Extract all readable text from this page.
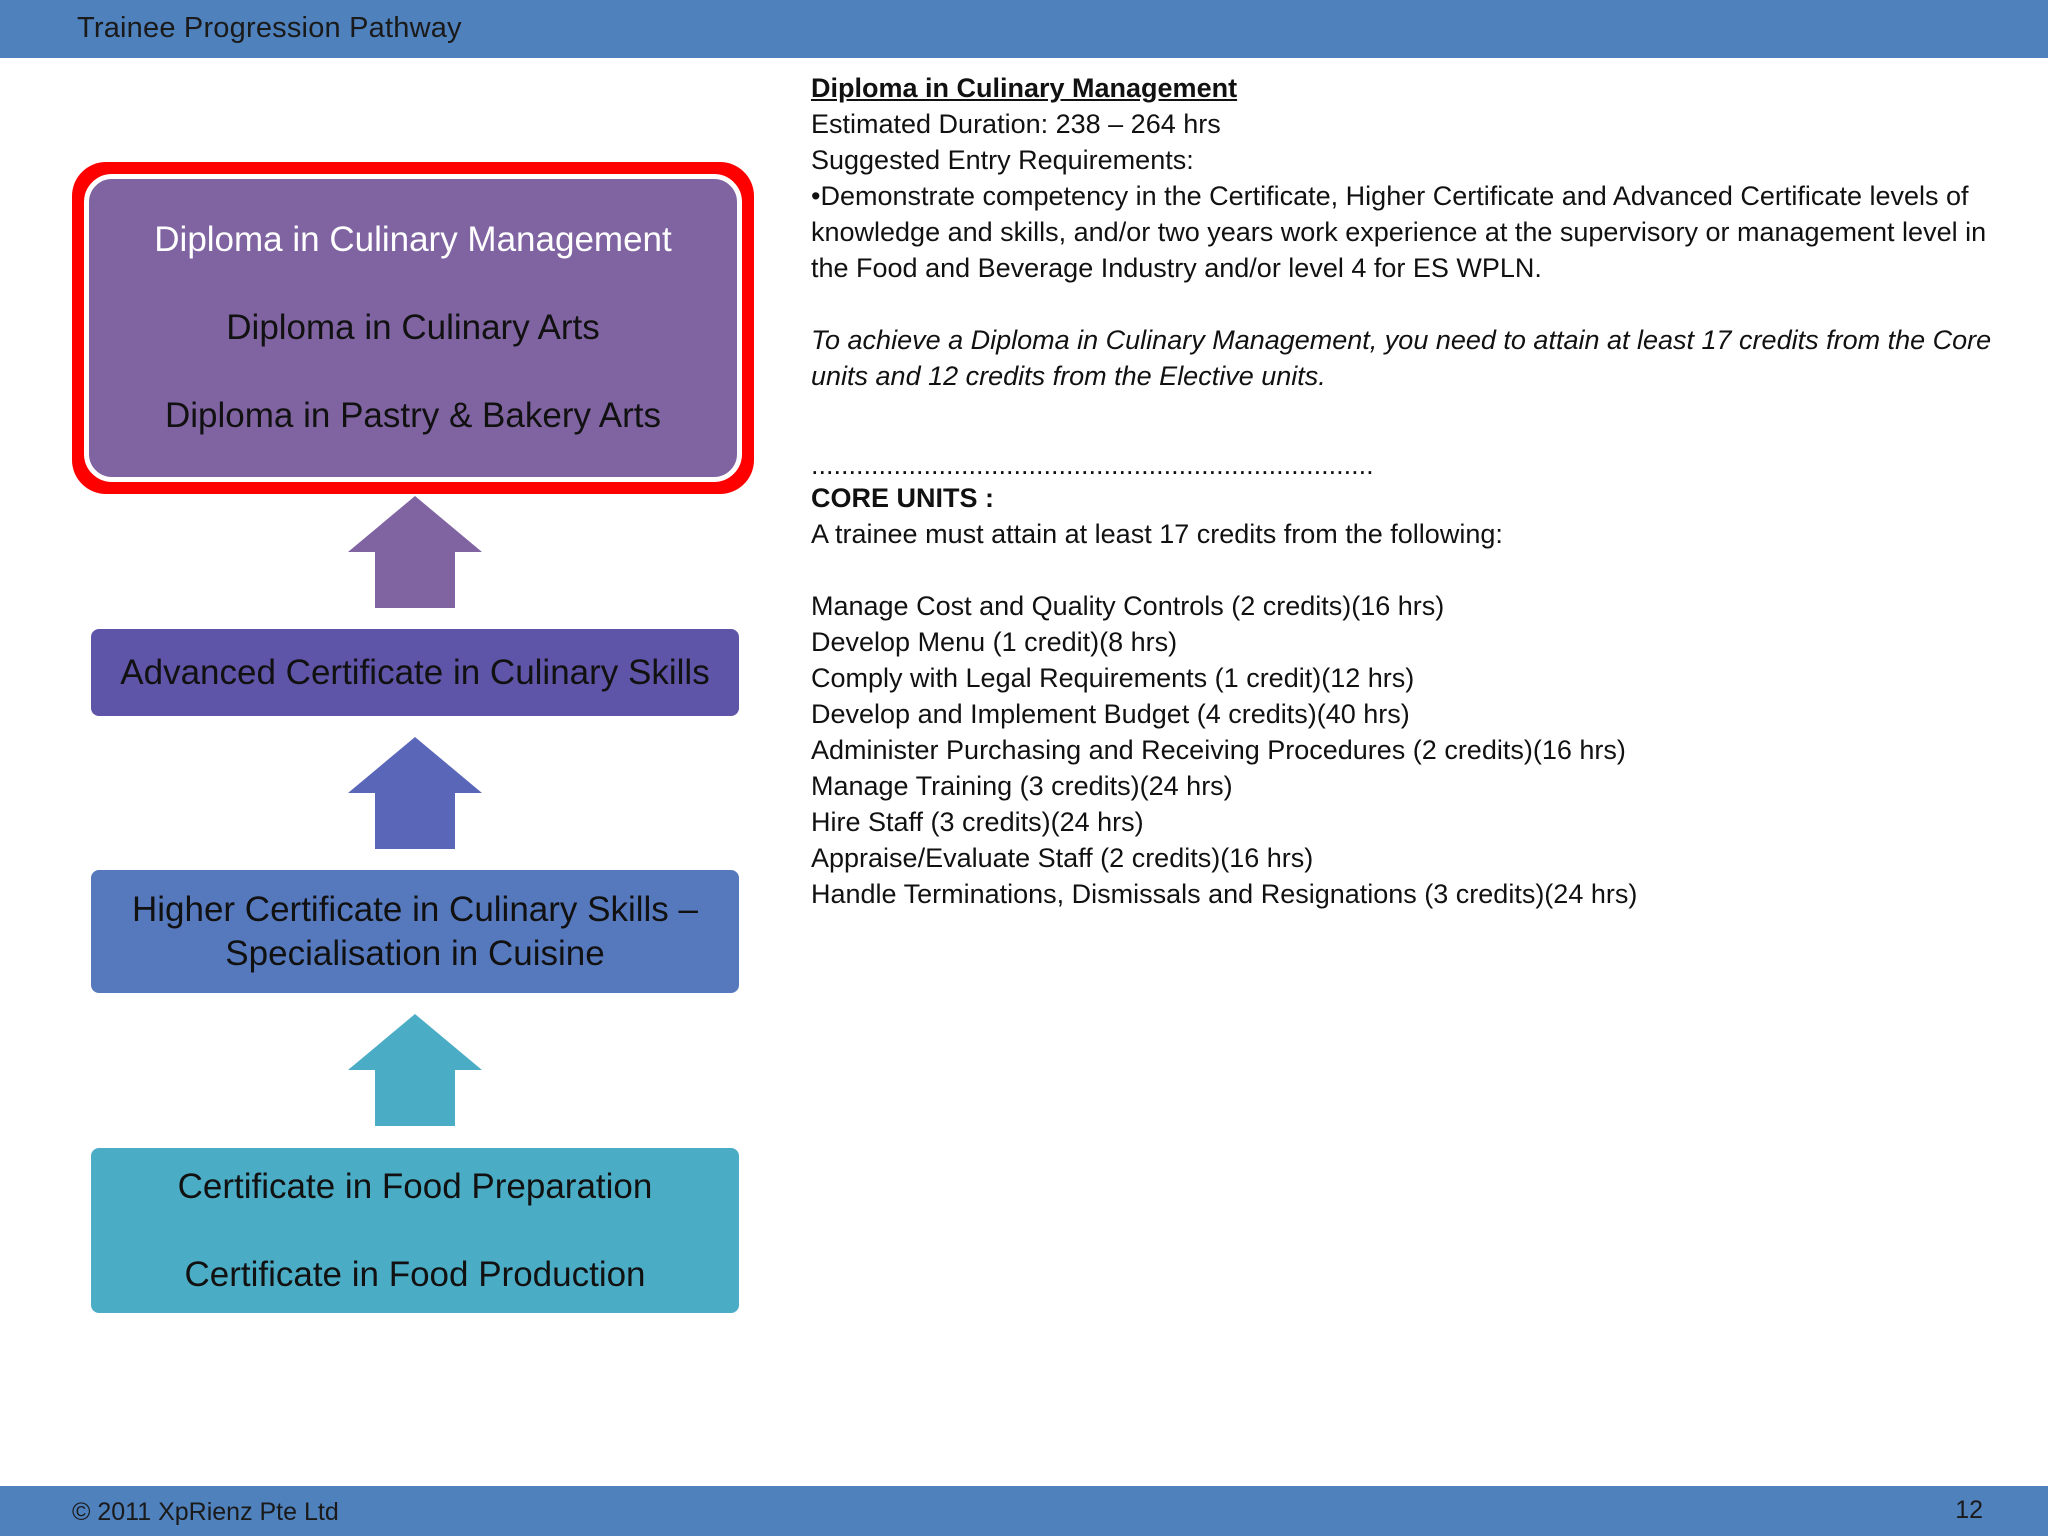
Trainee Progression Pathway
Diploma in Culinary Management
Diploma in Culinary Arts
Diploma in Pastry & Bakery Arts
Advanced Certificate in Culinary Skills
Higher Certificate in Culinary Skills –
Specialisation in Cuisine
Certificate in Food Preparation
Certificate in Food Production
Diploma in Culinary Management
Estimated Duration: 238 – 264 hrs
Suggested Entry Requirements:
•Demonstrate competency in the Certificate, Higher Certificate and Advanced Certificate levels of knowledge and skills, and/or two years work experience at the supervisory or management level in the Food and Beverage Industry and/or level 4 for ES WPLN.
To achieve a Diploma in Culinary Management, you need to attain at least 17 credits from the Core units and 12 credits from the Elective units.
...........................................................................
CORE UNITS :
A trainee must attain at least 17 credits from the following:
Manage Cost and Quality Controls (2 credits)(16 hrs)
Develop Menu (1 credit)(8 hrs)
Comply with Legal Requirements (1 credit)(12 hrs)
Develop and Implement Budget (4 credits)(40 hrs)
Administer Purchasing and Receiving Procedures (2 credits)(16 hrs)
Manage Training (3 credits)(24 hrs)
Hire Staff (3 credits)(24 hrs)
Appraise/Evaluate Staff (2 credits)(16 hrs)
Handle Terminations, Dismissals and Resignations (3 credits)(24 hrs)
© 2011 XpRienz Pte Ltd	12
